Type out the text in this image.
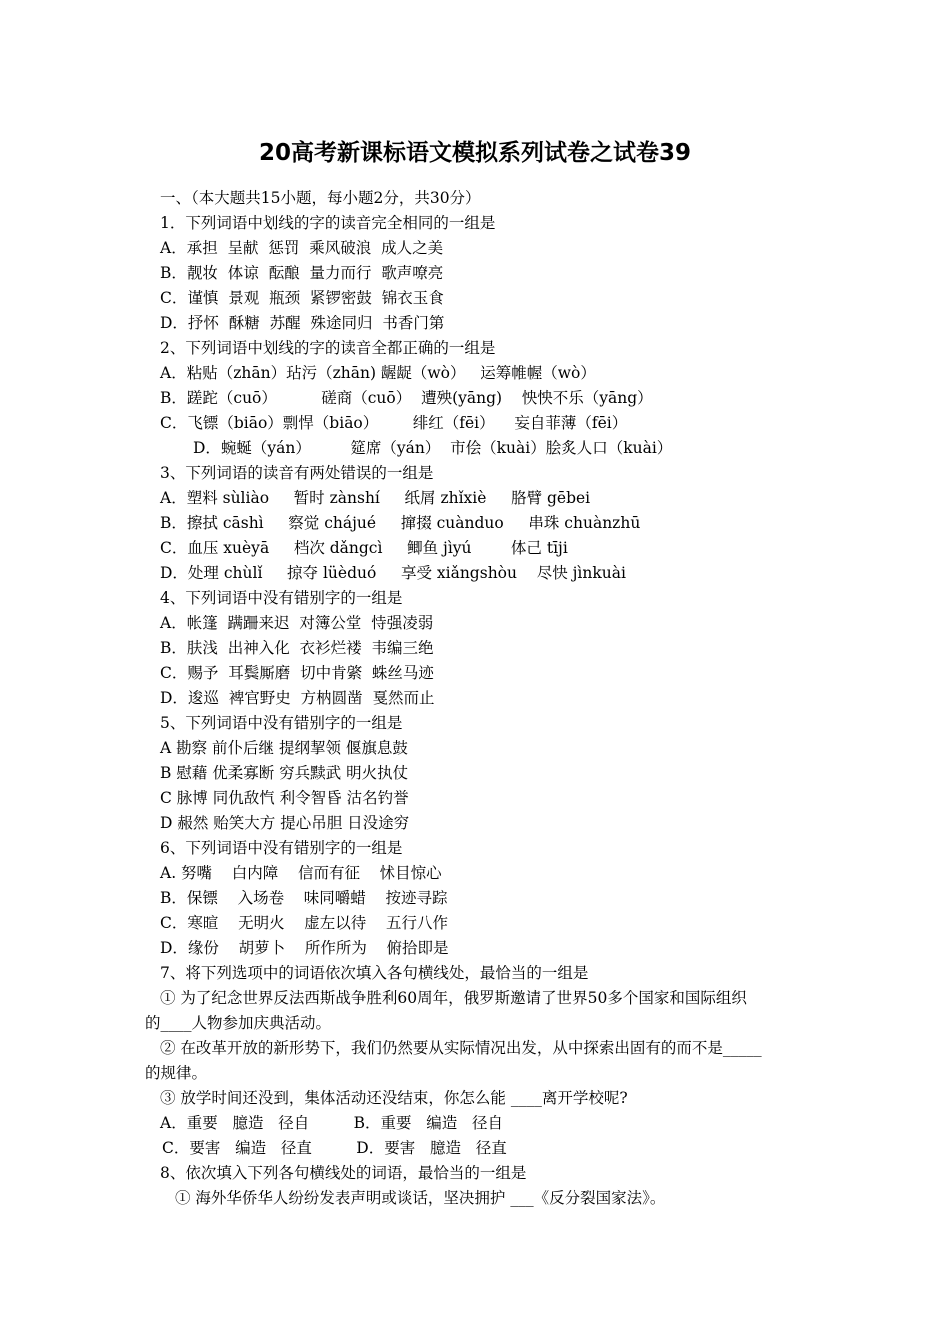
20高考新课标语文模拟系列试卷之试卷39
一、（本大题共15小题，每小题2分，共30分）
1．下列词语中划线的字的读音完全相同的一组是
A．承担  呈献  惩罚  乘风破浪  成人之美
B．靓妆  体谅  酝酿  量力而行  歌声嘹亮
C．谨慎  景观  瓶颈  紧锣密鼓  锦衣玉食
D．抒怀  酥糖  苏醒  殊途同归  书香门第
2、下列词语中划线的字的读音全都正确的一组是
A．粘贴（zhān）玷污（zhān) 龌龊（wò）   运筹帷幄（wò）
B．蹉跎（cuō）         磋商（cuō）  遭殃(yāng)    怏怏不乐（yāng）
C．飞镖（biāo）剽悍（biāo）       绯红（fēi）    妄自菲薄（fēi）
D．蜿蜒（yán）        筵席（yán）  市侩（kuài）脍炙人口（kuài）
3、下列词语的读音有两处错误的一组是
A．塑料 sùliào     暂时 zànshí     纸屑 zhǐxiè     胳臂 gēbei
B．擦拭 cāshì     察觉 chájué     撺掇 cuànduo     串珠 chuànzhū
C．血压 xuèyā     档次 dǎngcì     鲫鱼 jìyú        体己 tīji
D．处理 chùlǐ     掠夺 lüèduó     享受 xiǎngshòu    尽快 jìnkuài
4、下列词语中没有错别字的一组是
A．帐篷  蹒跚来迟  对簿公堂  恃强凌弱
B．肤浅  出神入化  衣衫烂褛  韦编三绝
C．赐予  耳鬓厮磨  切中肯綮  蛛丝马迹
D．逡巡  裨官野史  方枘圆凿  戛然而止
5、下列词语中没有错别字的一组是
A 勘察 前仆后继 提纲挈领 偃旗息鼓
B 慰藉 优柔寡断 穷兵黩武 明火执仗
C 脉博 同仇敌忾 利令智昏 沽名钓誉
D 赧然 贻笑大方 提心吊胆 日没途穷
6、下列词语中没有错别字的一组是
A. 努嘴    白内障    信而有征    怵目惊心
B．保镖    入场卷    味同嚼蜡    按迹寻踪
C．寒暄    无明火    虚左以待    五行八作
D．缘份    胡萝卜    所作所为    俯拾即是
7、将下列选项中的词语依次填入各句横线处，最恰当的一组是
① 为了纪念世界反法西斯战争胜利60周年，俄罗斯邀请了世界50多个国家和国际组织
的____人物参加庆典活动。
② 在改革开放的新形势下，我们仍然要从实际情况出发，从中探索出固有的而不是_____
的规律。
③ 放学时间还没到，集体活动还没结束，你怎么能 ____离开学校呢?
A．重要   臆造   径自         B．重要   编造   径自
C．要害   编造   径直         D．要害   臆造   径直
8、依次填入下列各句横线处的词语，最恰当的一组是
① 海外华侨华人纷纷发表声明或谈话，坚决拥护 ___《反分裂国家法》。
